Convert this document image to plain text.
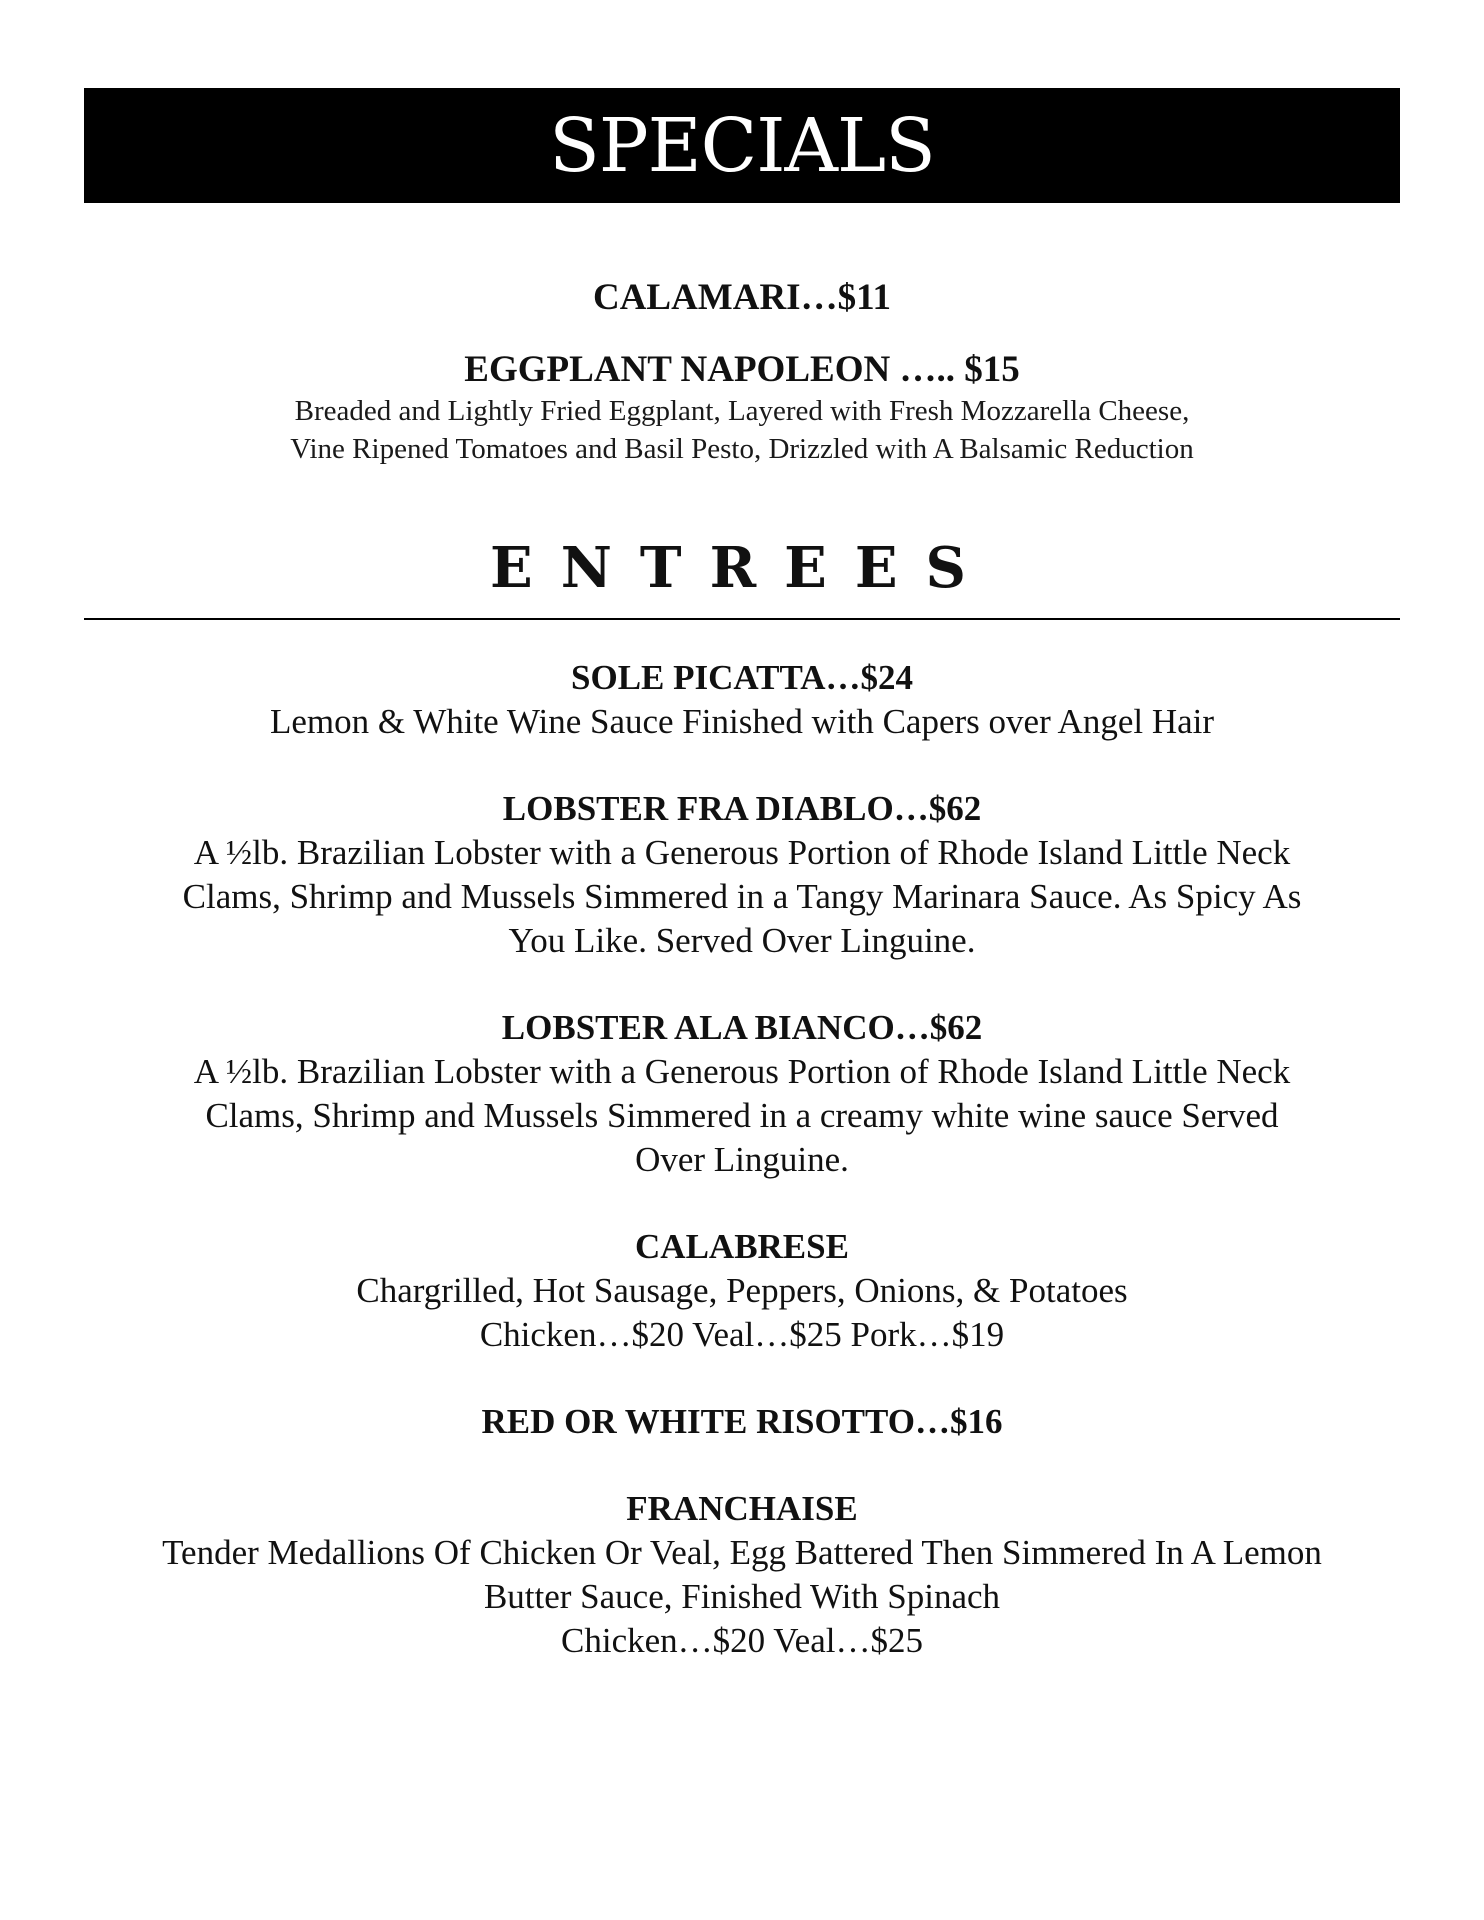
SPECIALS
CALAMARI…$11
EGGPLANT NAPOLEON ….. $15
Breaded and Lightly Fried Eggplant, Layered with Fresh Mozzarella Cheese,
Vine Ripened Tomatoes and Basil Pesto, Drizzled with A Balsamic Reduction
ENTREES
SOLE PICATTA…$24
Lemon & White Wine Sauce Finished with Capers over Angel Hair
LOBSTER FRA DIABLO…$62
A ½lb. Brazilian Lobster with a Generous Portion of Rhode Island Little Neck
Clams, Shrimp and Mussels Simmered in a Tangy Marinara Sauce. As Spicy As
You Like. Served Over Linguine.
LOBSTER ALA BIANCO…$62
A ½lb. Brazilian Lobster with a Generous Portion of Rhode Island Little Neck
Clams, Shrimp and Mussels Simmered in a creamy white wine sauce Served
Over Linguine.
CALABRESE
Chargrilled, Hot Sausage, Peppers, Onions, & Potatoes
Chicken…$20 Veal…$25 Pork…$19
RED OR WHITE RISOTTO…$16
FRANCHAISE
Tender Medallions Of Chicken Or Veal, Egg Battered Then Simmered In A Lemon
Butter Sauce, Finished With Spinach
Chicken…$20 Veal…$25
